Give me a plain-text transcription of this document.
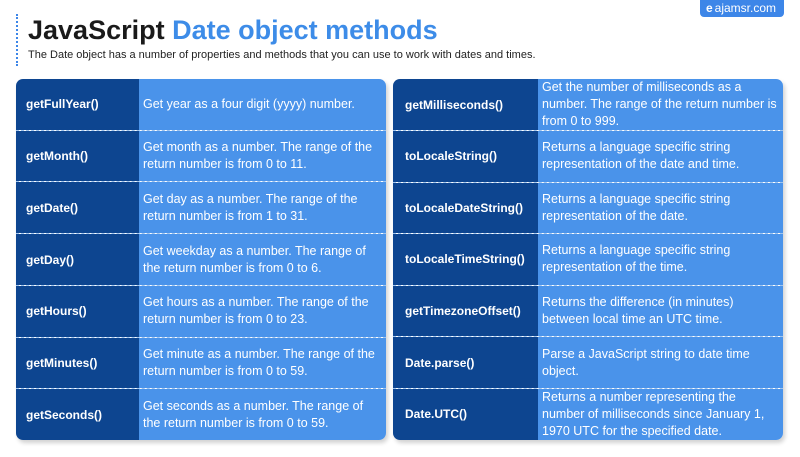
JavaScript Date object methods
The Date object has a number of properties and methods that you can use to work with dates and times.
e ajamsr.com
getFullYear()	Get year as a four digit (yyyy) number.
getMonth()
Get month as a number. The range of the return number is from 0 to 11.
getDate()
Get day as a number. The range of the return number is from 1 to 31.
getDay()
Get weekday as a number. The range of the return number is from 0 to 6.
getHours()
Get hours as a number. The range of the return number is from 0 to 23.
getMinutes()
Get minute as a number. The range of the return number is from 0 to 59.
getSeconds()
Get seconds as a number. The range of the return number is from 0 to 59.
getMilliseconds()
Get the number of milliseconds as a number. The range of the return number is from 0 to 999.
toLocaleString()
Returns a language specific string representation of the date and time.
toLocaleDateString()
Returns a language specific string representation of the date.
toLocaleTimeString()
Returns a language specific string representation of the time.
getTimezoneOffset()
Returns the difference (in minutes) between local time an UTC time.
Date.parse()
Parse a JavaScript string to date time object.
Date.UTC()
Returns a number representing the number of milliseconds since January 1, 1970 UTC for the specified date.
